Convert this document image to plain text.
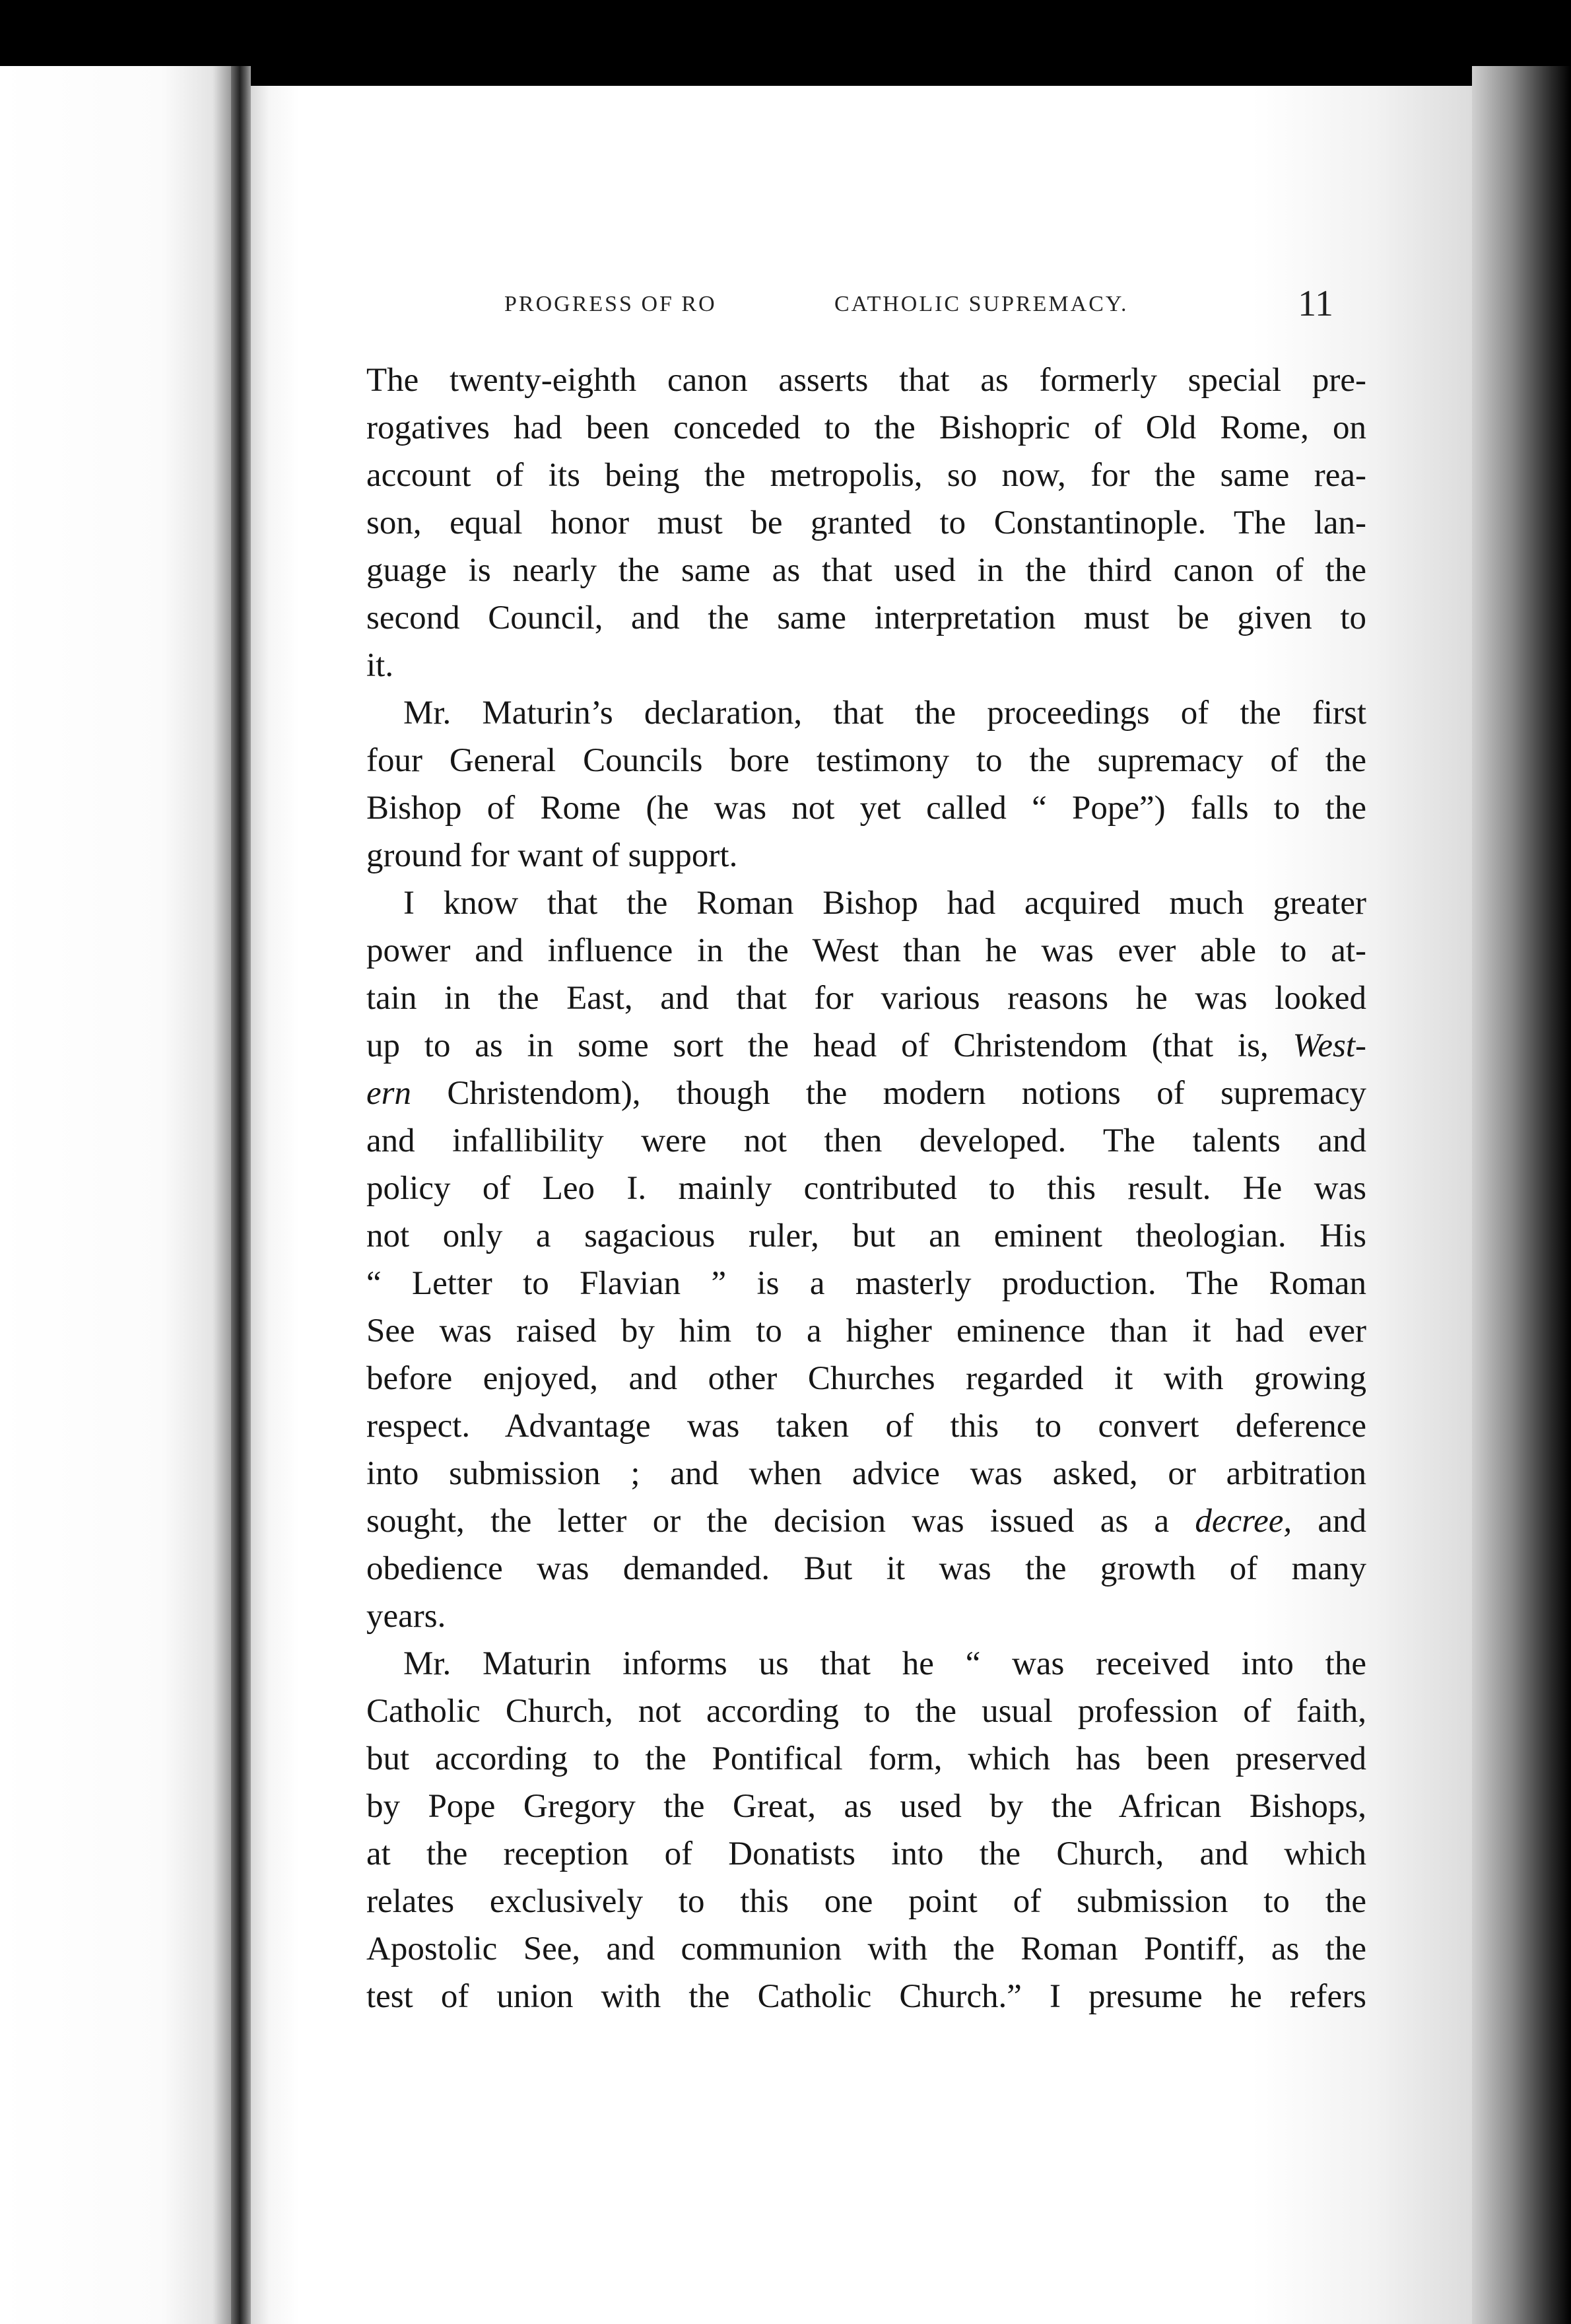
PROGRESS OF RO	CATHOLIC SUPREMACY.	11
The twenty-eighth canon asserts that as formerly special pre-
rogatives had been conceded to the Bishopric of Old Rome, on
account of its being the metropolis, so now, for the same rea-
son, equal honor must be granted to Constantinople. The lan-
guage is nearly the same as that used in the third canon of the
second Council, and the same interpretation must be given to
it.
Mr. Maturin’s declaration, that the proceedings of the first
four General Councils bore testimony to the supremacy of the
Bishop of Rome (he was not yet called “ Pope”) falls to the
ground for want of support.
I know that the Roman Bishop had acquired much greater
power and influence in the West than he was ever able to at-
tain in the East, and that for various reasons he was looked
up to as in some sort the head of Christendom (that is, West-
ern Christendom), though the modern notions of supremacy
and infallibility were not then developed. The talents and
policy of Leo I. mainly contributed to this result. He was
not only a sagacious ruler, but an eminent theologian. His
“ Letter to Flavian ” is a masterly production. The Roman
See was raised by him to a higher eminence than it had ever
before enjoyed, and other Churches regarded it with growing
respect. Advantage was taken of this to convert deference
into submission ; and when advice was asked, or arbitration
sought, the letter or the decision was issued as a decree, and
obedience was demanded. But it was the growth of many
years.
Mr. Maturin informs us that he “ was received into the
Catholic Church, not according to the usual profession of faith,
but according to the Pontifical form, which has been preserved
by Pope Gregory the Great, as used by the African Bishops,
at the reception of Donatists into the Church, and which
relates exclusively to this one point of submission to the
Apostolic See, and communion with the Roman Pontiff, as the
test of union with the Catholic Church.” I presume he refers
